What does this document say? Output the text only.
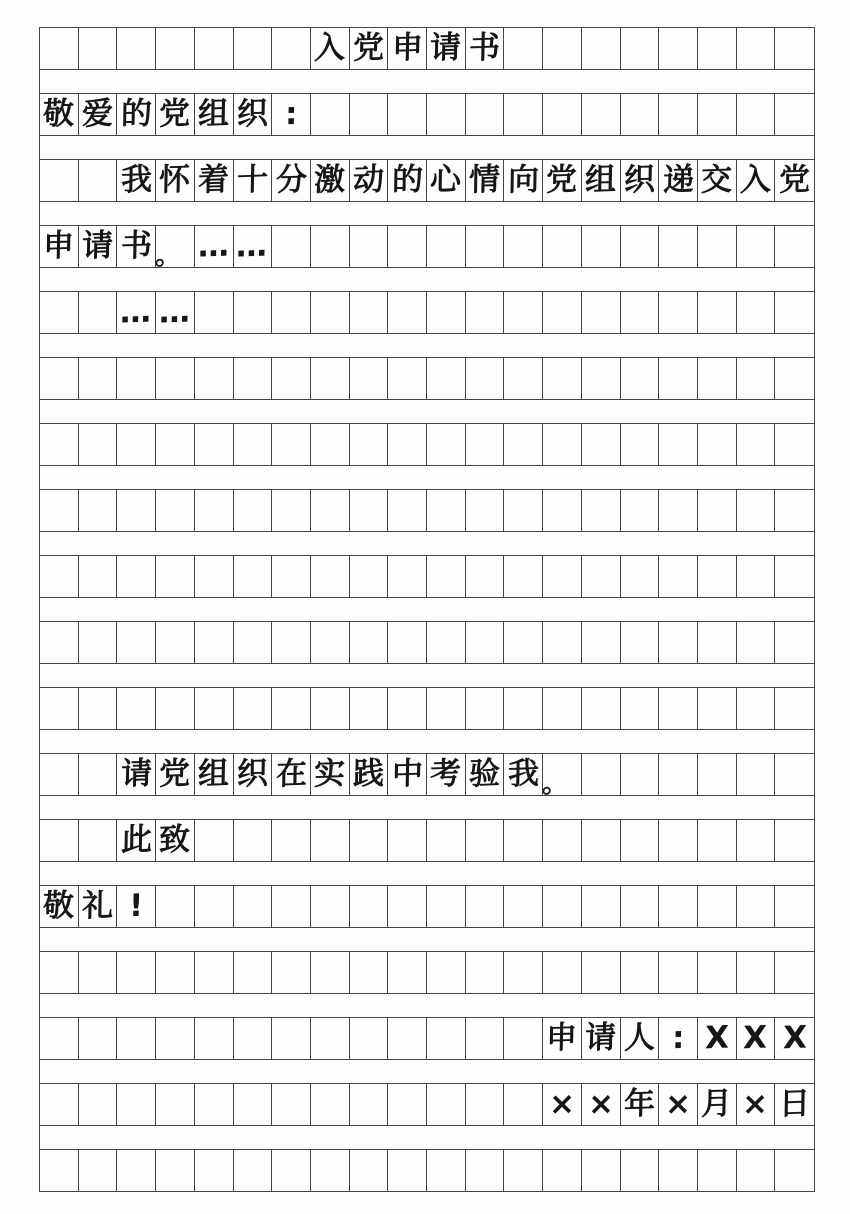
入 党 申 请 书
敬 爱 的 党 组 织 :
我 怀 着 十 分 激 动 的 心 情 向 党 组 织 递 交 入 党
申 请 书 。 … …
… …
请 党 组 织 在 实 践 中 考 验 我 。
此 致
敬 礼 !
申 请 人 : X X X
× × 年 × 月 × 日
